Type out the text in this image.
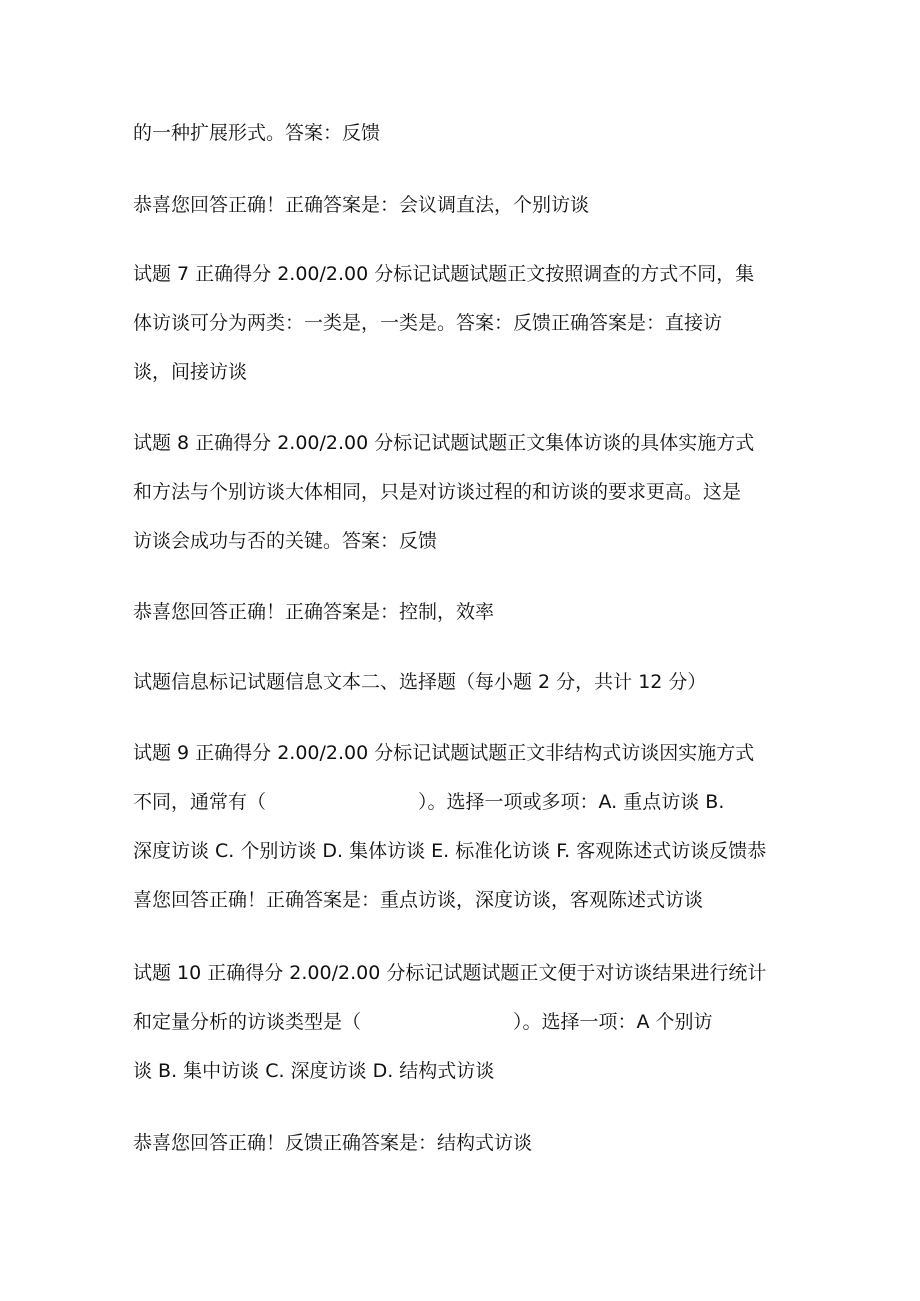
的一种扩展形式。答案：反馈

恭喜您回答正确！正确答案是：会议调直法，个别访谈

试题 7 正确得分 2.00/2.00 分标记试题试题正文按照调查的方式不同，集
体访谈可分为两类：一类是，一类是。答案：反馈正确答案是：直接访
谈，间接访谈

试题 8 正确得分 2.00/2.00 分标记试题试题正文集体访谈的具体实施方式
和方法与个别访谈大体相同，只是对访谈过程的和访谈的要求更高。这是
访谈会成功与否的关键。答案：反馈

恭喜您回答正确！正确答案是：控制，效率

试题信息标记试题信息文本二、选择题（每小题 2 分，共计 12 分）

试题 9 正确得分 2.00/2.00 分标记试题试题正文非结构式访谈因实施方式
不同，通常有（　　　　　　　　）。选择一项或多项：A. 重点访谈 B.
深度访谈 C. 个别访谈 D. 集体访谈 E. 标准化访谈 F. 客观陈述式访谈反馈恭
喜您回答正确！正确答案是：重点访谈，深度访谈，客观陈述式访谈

试题 10 正确得分 2.00/2.00 分标记试题试题正文便于对访谈结果进行统计
和定量分析的访谈类型是（　　　　　　　　）。选择一项：A 个别访
谈 B. 集中访谈 C. 深度访谈 D. 结构式访谈

恭喜您回答正确！反馈正确答案是：结构式访谈
